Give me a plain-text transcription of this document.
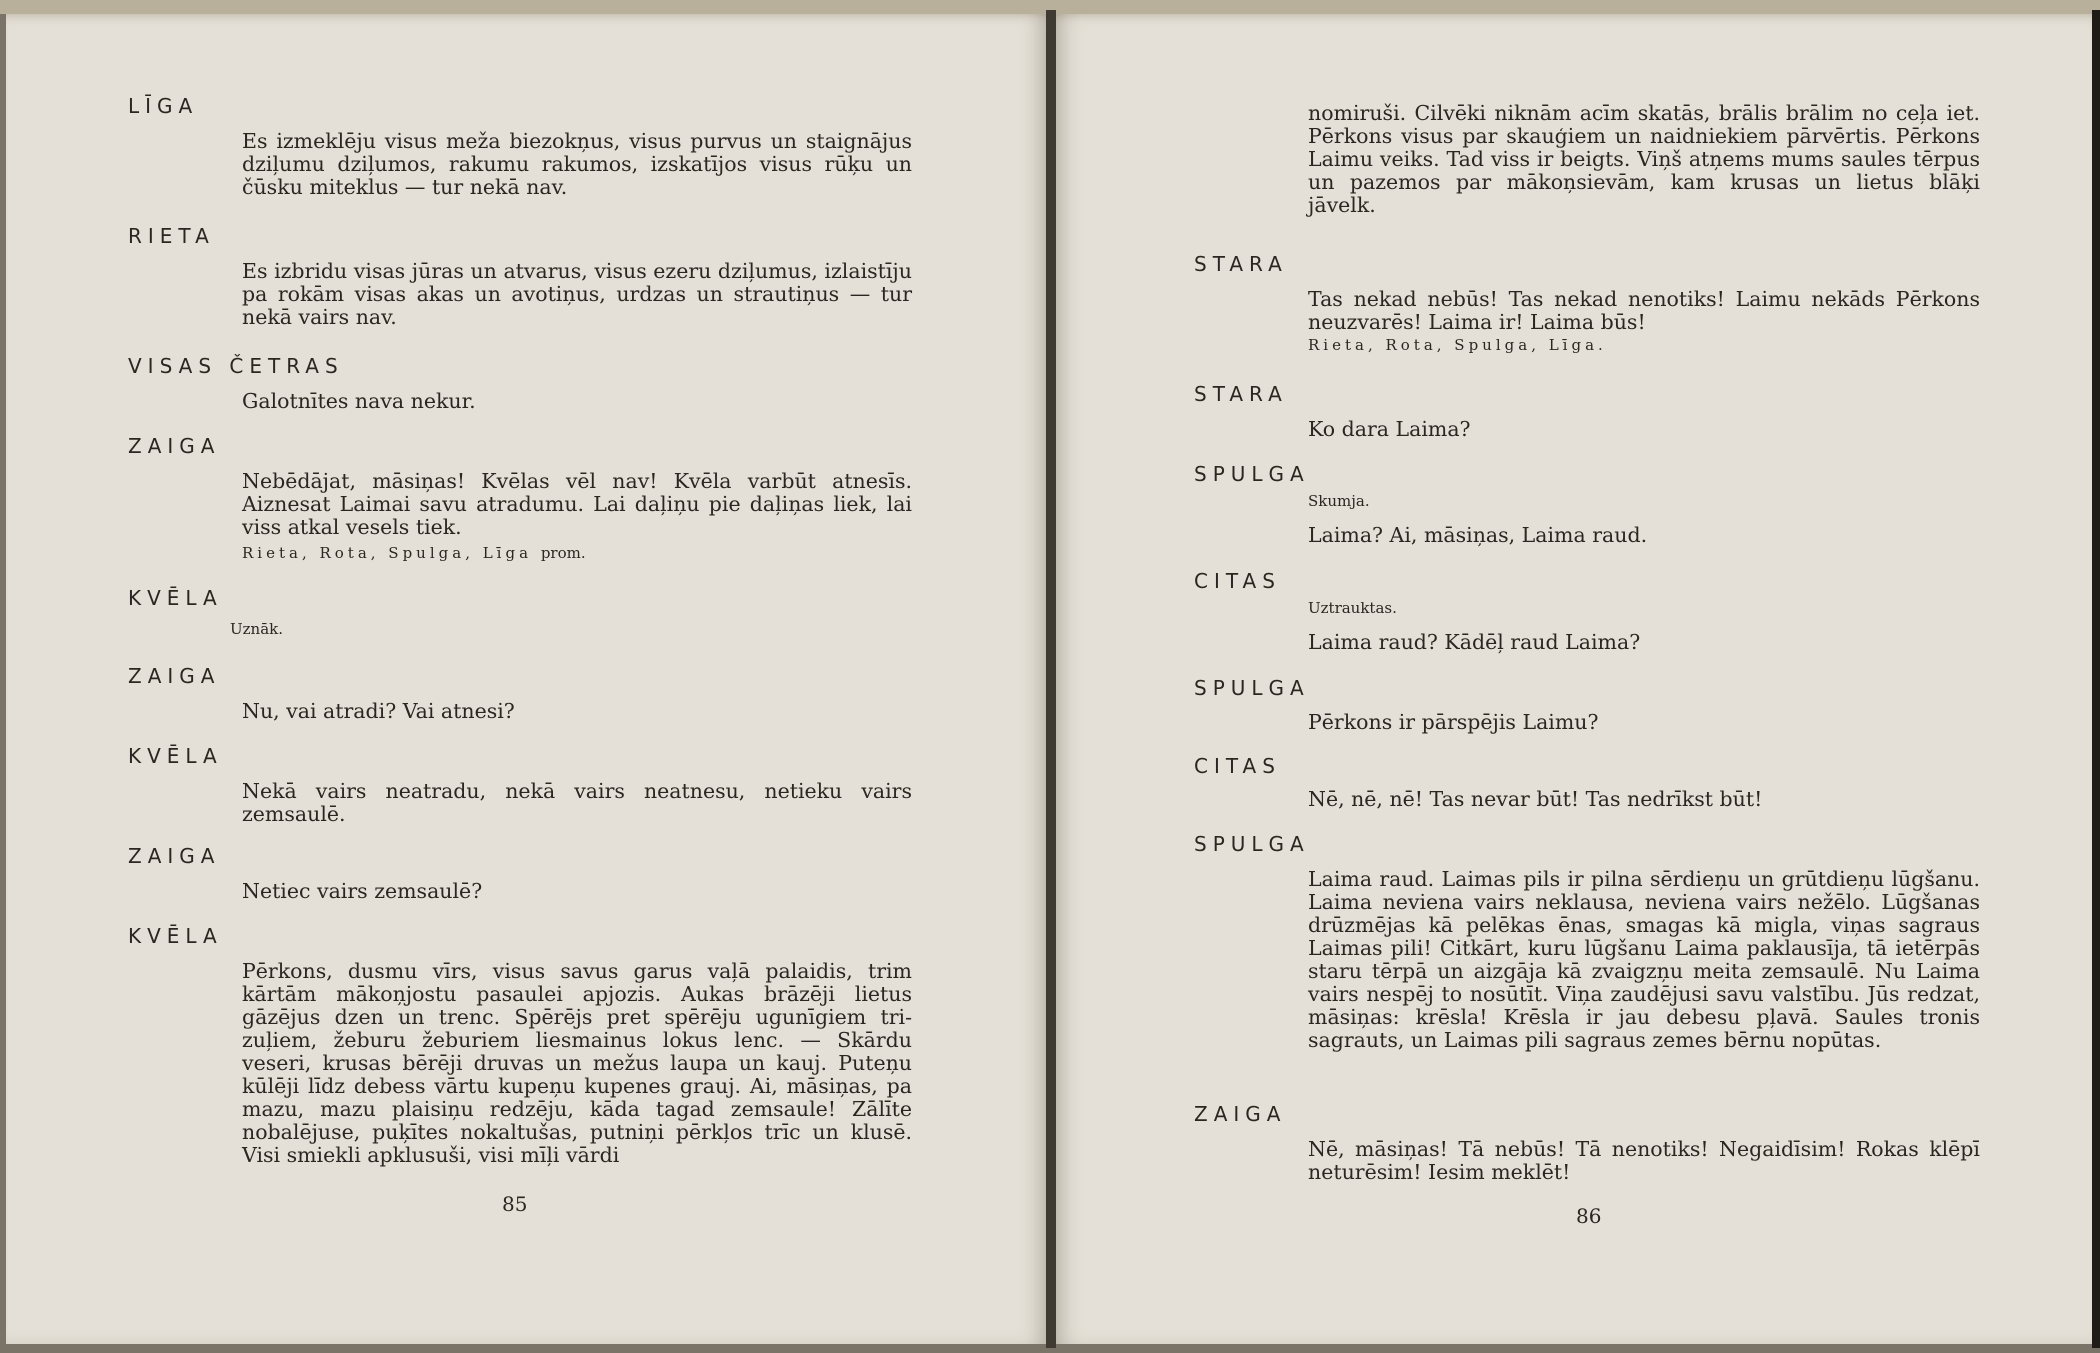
LĪGA
Es izmeklēju visus meža biezokņus, visus purvus un staignājus dziļumu dziļumos, rakumu rakumos, izskatījos visus rūķu un čūsku miteklus — tur nekā nav.
RIETA
Es izbridu visas jūras un atvarus, visus ezeru dziļumus, izlaistīju pa rokām visas akas un avotiņus, urdzas un strautiņus — tur nekā vairs nav.
VISAS ČETRAS
Galotnītes nava nekur.
ZAIGA
Nebēdājat, māsiņas! Kvēlas vēl nav! Kvēla varbūt atnesīs. Aiznesat Laimai savu atradumu. Lai daļiņu pie daļiņas liek, lai viss atkal vesels tiek.
Rieta, Rota, Spulga, Līga prom.
KVĒLA
Uznāk.
ZAIGA
Nu, vai atradi? Vai atnesi?
KVĒLA
Nekā vairs neatradu, nekā vairs neatnesu, netieku vairs zemsaulē.
ZAIGA
Netiec vairs zemsaulē?
KVĒLA
Pērkons, dusmu vīrs, visus savus garus vaļā palaidis, trim kārtām mākoņjostu pasaulei apjozis. Aukas brāzēji lietus gāzējus dzen un trenc. Spērējs pret spērēju ugunīgiem trizuļiem, žeburu žeburiem liesmainus lokus lenc. — Skārdu veseri, krusas bērēji druvas un mežus laupa un kauj. Puteņu kūlēji līdz debess vārtu kupeņu kupenes grauj. Ai, māsiņas, pa mazu, mazu plaisiņu redzēju, kāda tagad zemsaule! Zālīte nobalējuse, puķītes nokaltušas, putniņi pērkļos trīc un klusē. Visi smiekli apklusuši, visi mīļi vārdi
85
nomiruši. Cilvēki niknām acīm skatās, brālis brālim no ceļa iet. Pērkons visus par skauģiem un naidniekiem pārvērtis. Pērkons Laimu veiks. Tad viss ir beigts. Viņš atņems mums saules tērpus un pazemos par mākoņsievām, kam krusas un lietus blāķi jāvelk.
STARA
Tas nekad nebūs! Tas nekad nenotiks! Laimu nekāds Pērkons neuzvarēs! Laima ir! Laima būs!
Rieta, Rota, Spulga, Līga.
STARA
Ko dara Laima?
SPULGA
Skumja.
Laima? Ai, māsiņas, Laima raud.
CITAS
Uztrauktas.
Laima raud? Kādēļ raud Laima?
SPULGA
Pērkons ir pārspējis Laimu?
CITAS
Nē, nē, nē! Tas nevar būt! Tas nedrīkst būt!
SPULGA
Laima raud. Laimas pils ir pilna sērdieņu un grūtdieņu lūgšanu. Laima neviena vairs neklausa, neviena vairs nežēlo. Lūgšanas drūzmējas kā pelēkas ēnas, smagas kā migla, viņas sagraus Laimas pili! Citkārt, kuru lūgšanu Laima paklausīja, tā ietērpās staru tērpā un aizgāja kā zvaigzņu meita zemsaulē. Nu Laima vairs nespēj to nosūtīt. Viņa zaudējusi savu valstību. Jūs redzat, māsiņas: krēsla! Krēsla ir jau debesu pļavā. Saules tronis sagrauts, un Laimas pili sagraus zemes bērnu nopūtas.
ZAIGA
Nē, māsiņas! Tā nebūs! Tā nenotiks! Negaidīsim! Rokas klēpī neturēsim! Iesim meklēt!
86
